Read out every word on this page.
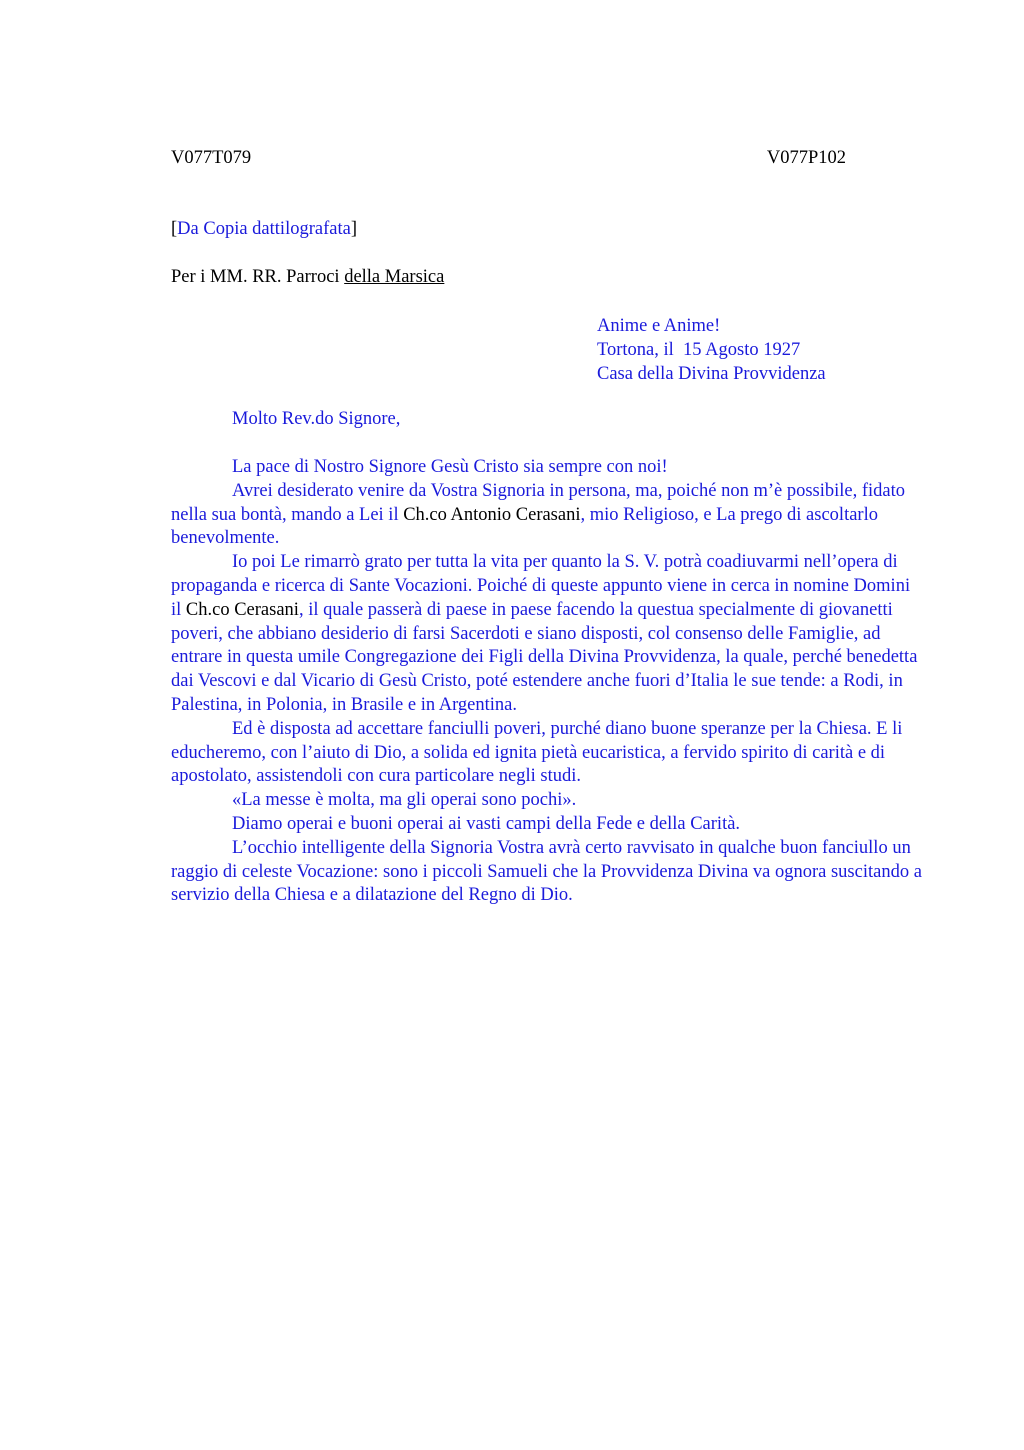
V077T079	V077P102
[Da Copia dattilografata]
Per i MM. RR. Parroci della Marsica
Anime e Anime!
Tortona, il  15 Agosto 1927
Casa della Divina Provvidenza
Molto Rev.do Signore,

La pace di Nostro Signore Gesù Cristo sia sempre con noi!

Avrei desiderato venire da Vostra Signoria in persona, ma, poiché non m’è possibile, fidato nella sua bontà, mando a Lei il Ch.co Antonio Cerasani, mio Religioso, e La prego di ascoltarlo benevolmente.

Io poi Le rimarrò grato per tutta la vita per quanto la S. V. potrà coadiuvarmi nell’opera di propaganda e ricerca di Sante Vocazioni. Poiché di queste appunto viene in cerca in nomine Domini il Ch.co Cerasani, il quale passerà di paese in paese facendo la questua specialmente di giovanetti poveri, che abbiano desiderio di farsi Sacerdoti e siano disposti, col consenso delle Famiglie, ad entrare in questa umile Congregazione dei Figli della Divina Provvidenza, la quale, perché benedetta dai Vescovi e dal Vicario di Gesù Cristo, poté estendere anche fuori d’Italia le sue tende: a Rodi, in Palestina, in Polonia, in Brasile e in Argentina.

Ed è disposta ad accettare fanciulli poveri, purché diano buone speranze per la Chiesa. E li educheremo, con l’aiuto di Dio, a solida ed ignita pietà eucaristica, a fervido spirito di carità e di apostolato, assistendoli con cura particolare negli studi.

«La messe è molta, ma gli operai sono pochi».

Diamo operai e buoni operai ai vasti campi della Fede e della Carità.

L’occhio intelligente della Signoria Vostra avrà certo ravvisato in qualche buon fanciullo un raggio di celeste Vocazione: sono i piccoli Samueli che la Provvidenza Divina va ognora suscitando a servizio della Chiesa e a dilatazione del Regno di Dio.
